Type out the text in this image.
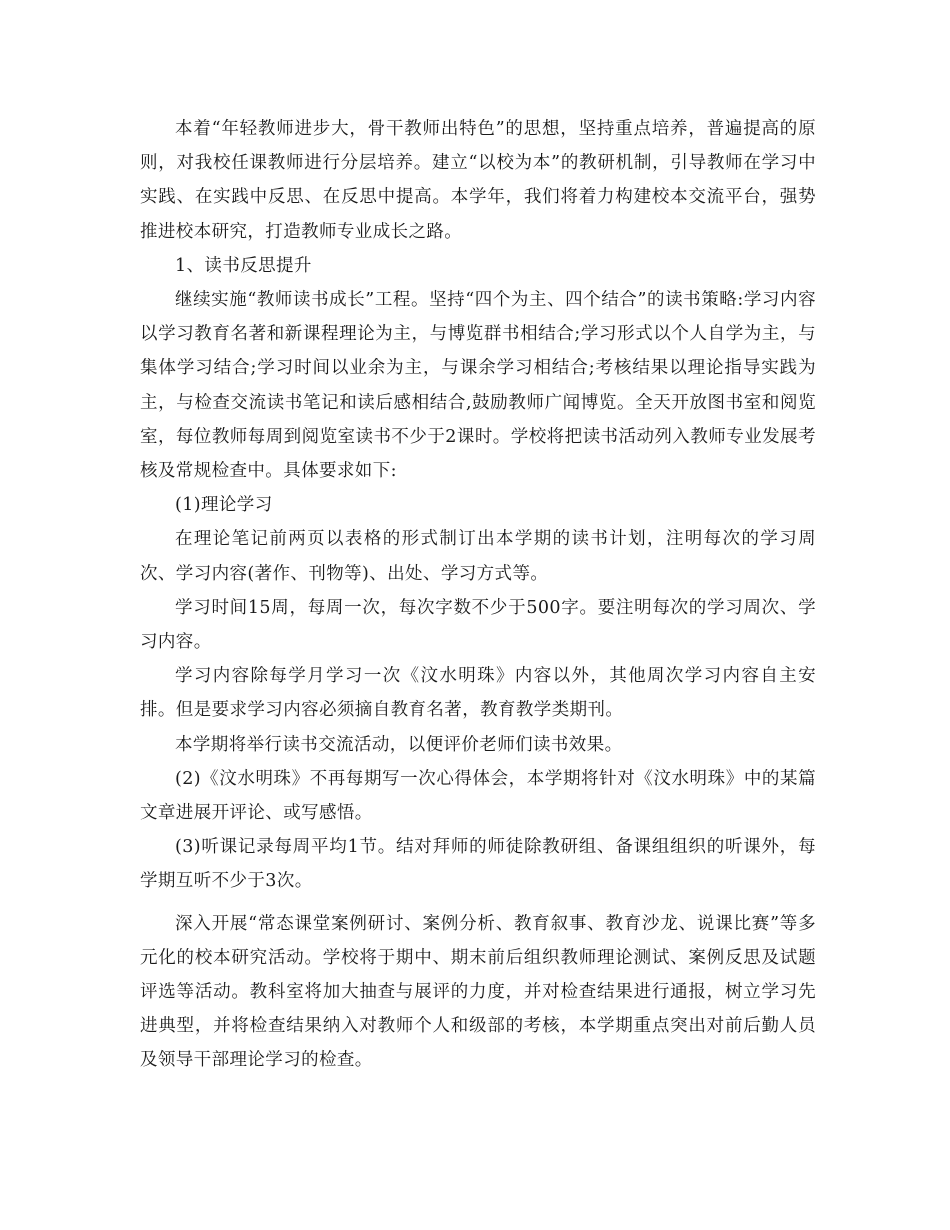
本着“年轻教师进步大，骨干教师出特色”的思想，坚持重点培养，普遍提高的原则，对我校任课教师进行分层培养。建立“以校为本”的教研机制，引导教师在学习中实践、在实践中反思、在反思中提高。本学年，我们将着力构建校本交流平台，强势推进校本研究，打造教师专业成长之路。

1、读书反思提升

继续实施“教师读书成长”工程。坚持“四个为主、四个结合”的读书策略:学习内容以学习教育名著和新课程理论为主，与博览群书相结合;学习形式以个人自学为主，与集体学习结合;学习时间以业余为主，与课余学习相结合;考核结果以理论指导实践为主，与检查交流读书笔记和读后感相结合,鼓励教师广闻博览。全天开放图书室和阅览室，每位教师每周到阅览室读书不少于2课时。学校将把读书活动列入教师专业发展考核及常规检查中。具体要求如下:

(1)理论学习

在理论笔记前两页以表格的形式制订出本学期的读书计划，注明每次的学习周次、学习内容(著作、刊物等)、出处、学习方式等。

学习时间15周，每周一次，每次字数不少于500字。要注明每次的学习周次、学习内容。

学习内容除每学月学习一次《汶水明珠》内容以外，其他周次学习内容自主安排。但是要求学习内容必须摘自教育名著，教育教学类期刊。

本学期将举行读书交流活动，以便评价老师们读书效果。

(2)《汶水明珠》不再每期写一次心得体会，本学期将针对《汶水明珠》中的某篇文章进展开评论、或写感悟。

(3)听课记录每周平均1节。结对拜师的师徒除教研组、备课组组织的听课外，每学期互听不少于3次。

深入开展“常态课堂案例研讨、案例分析、教育叙事、教育沙龙、说课比赛”等多元化的校本研究活动。学校将于期中、期末前后组织教师理论测试、案例反思及试题评选等活动。教科室将加大抽查与展评的力度，并对检查结果进行通报，树立学习先进典型，并将检查结果纳入对教师个人和级部的考核，本学期重点突出对前后勤人员及领导干部理论学习的检查。
